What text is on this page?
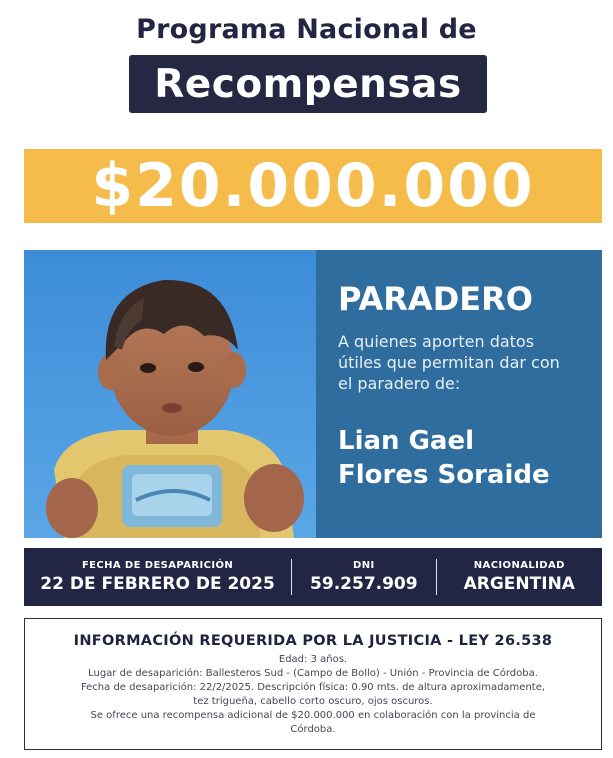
Programa Nacional de
Recompensas
$20.000.000
PARADERO
A quienes aporten datos útiles que permitan dar con el paradero de:
Lian Gael
Flores Soraide
FECHA DE DESAPARICIÓN
22 DE FEBRERO DE 2025
DNI
59.257.909
NACIONALIDAD
ARGENTINA
INFORMACIÓN REQUERIDA POR LA JUSTICIA - LEY 26.538
Edad: 3 años.
Lugar de desaparición: Ballesteros Sud - (Campo de Bollo) - Unión - Provincia de Córdoba.
Fecha de desaparición: 22/2/2025. Descripción física: 0.90 mts. de altura aproximadamente,
tez trigueña, cabello corto oscuro, ojos oscuros.
Se ofrece una recompensa adicional de $20.000.000 en colaboración con la provincia de
Córdoba.
